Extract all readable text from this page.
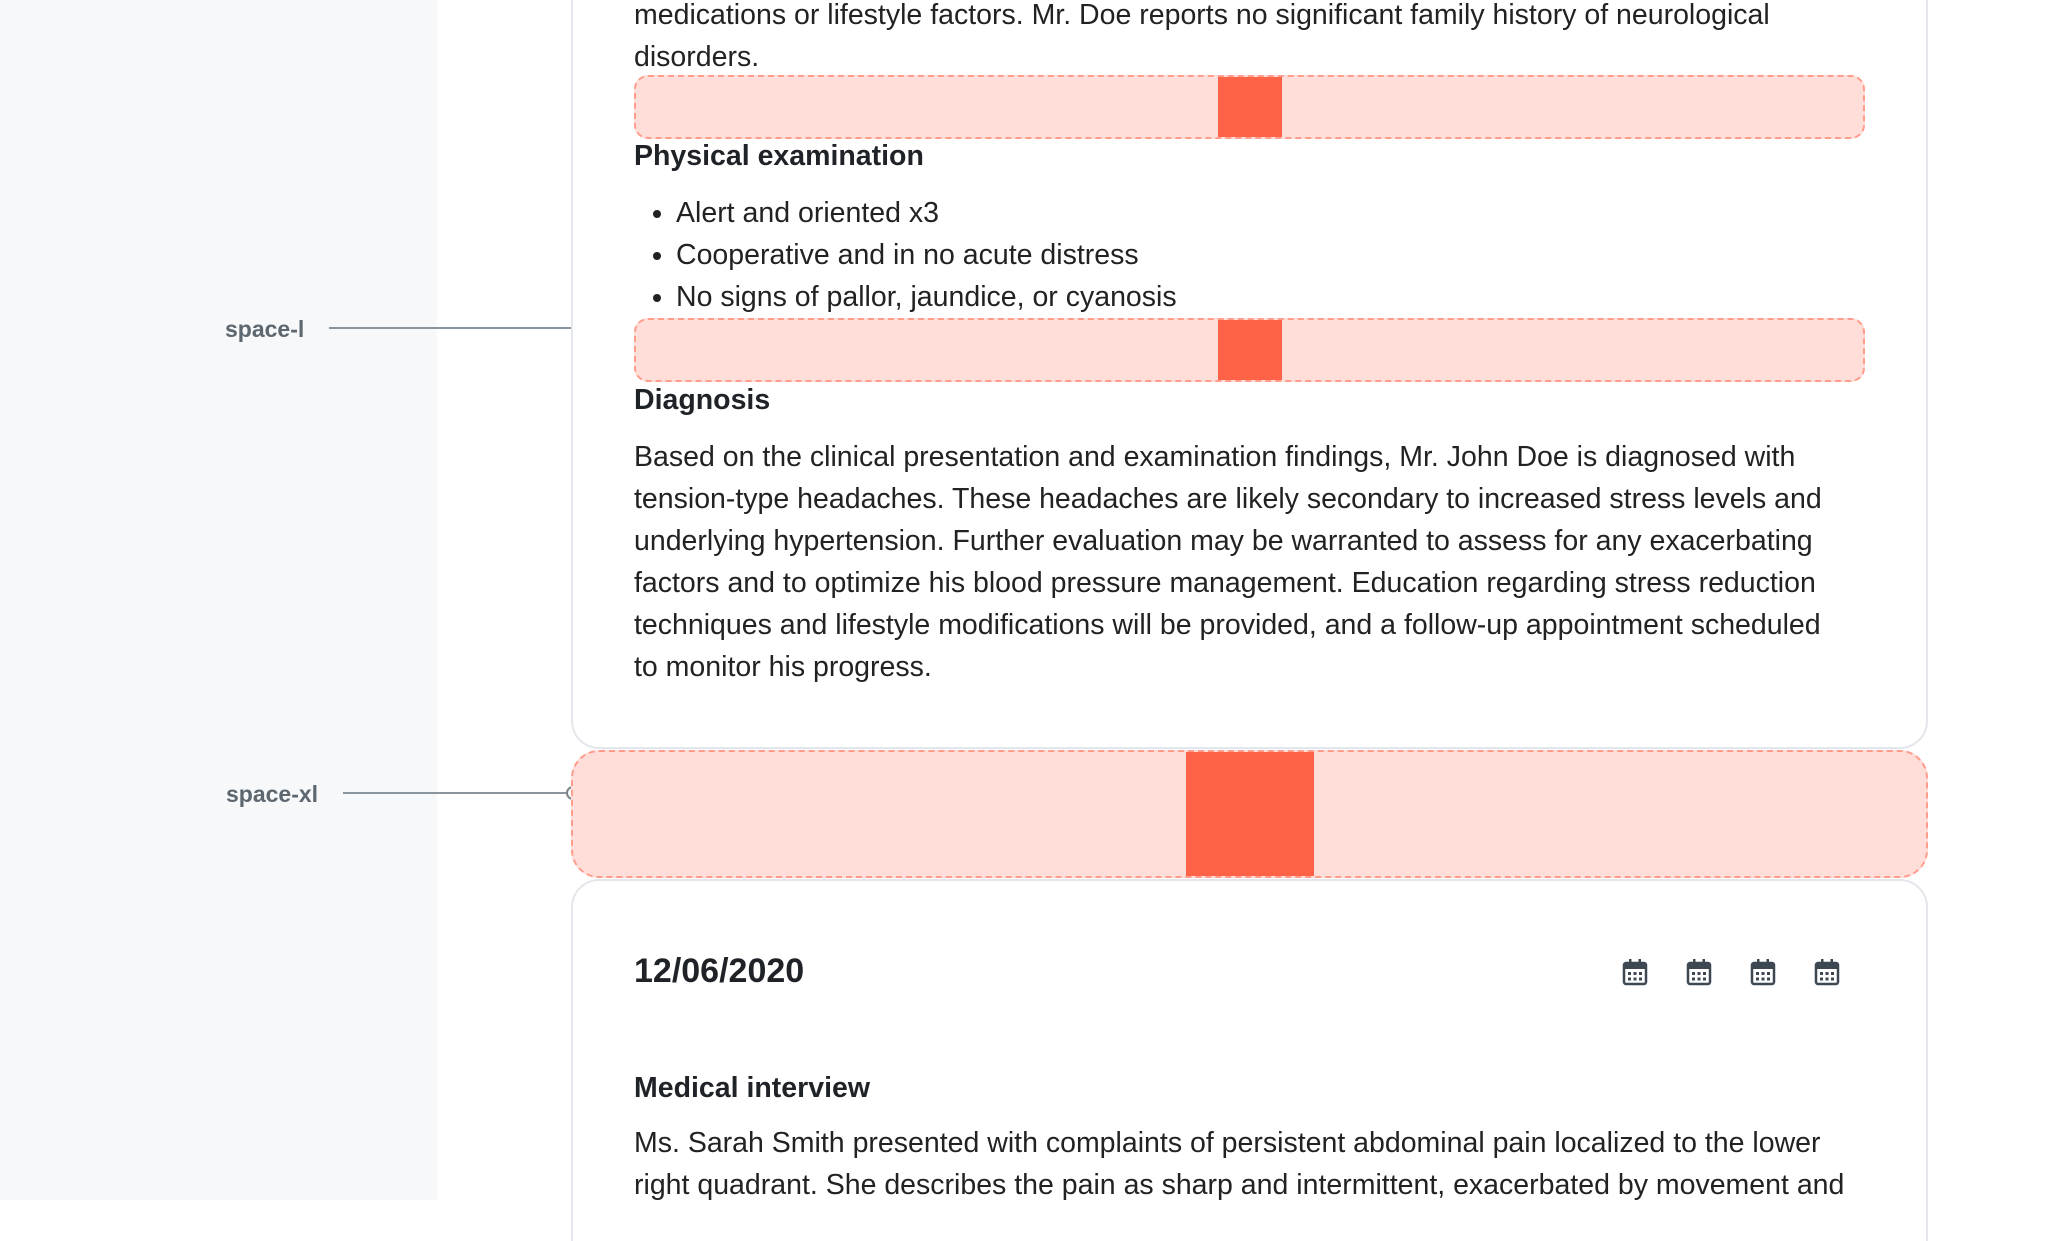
space-l
space-xl
medications or lifestyle factors. Mr. Doe reports no significant family history of neurological
disorders.
Physical examination
• Alert and oriented x3
• Cooperative and in no acute distress
• No signs of pallor, jaundice, or cyanosis
Diagnosis
Based on the clinical presentation and examination findings, Mr. John Doe is diagnosed with
tension-type headaches. These headaches are likely secondary to increased stress levels and
underlying hypertension. Further evaluation may be warranted to assess for any exacerbating
factors and to optimize his blood pressure management. Education regarding stress reduction
techniques and lifestyle modifications will be provided, and a follow-up appointment scheduled
to monitor his progress.
12/06/2020
Medical interview
Ms. Sarah Smith presented with complaints of persistent abdominal pain localized to the lower
right quadrant. She describes the pain as sharp and intermittent, exacerbated by movement and
